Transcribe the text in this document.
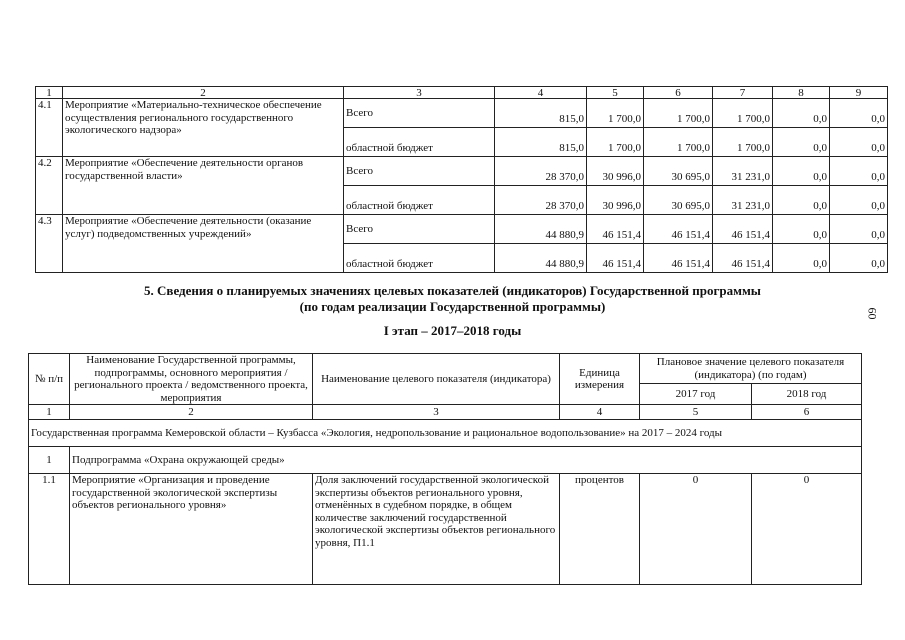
1	2	3	4	5	6	7	8	9
4.1	Мероприятие «Материально-техническое обеспечение осуществления регионального государственного экологического надзора»	Всего	815,0	1 700,0	1 700,0	1 700,0	0,0	0,0
		областной бюджет	815,0	1 700,0	1 700,0	1 700,0	0,0	0,0
4.2	Мероприятие «Обеспечение деятельности органов государственной власти»	Всего	28 370,0	30 996,0	30 695,0	31 231,0	0,0	0,0
		областной бюджет	28 370,0	30 996,0	30 695,0	31 231,0	0,0	0,0
4.3	Мероприятие «Обеспечение деятельности (оказание услуг) подведомственных учреждений»	Всего	44 880,9	46 151,4	46 151,4	46 151,4	0,0	0,0
		областной бюджет	44 880,9	46 151,4	46 151,4	46 151,4	0,0	0,0
5. Сведения о планируемых значениях целевых показателей (индикаторов) Государственной программы
(по годам реализации Государственной программы)
I этап – 2017–2018 годы
60
№ п/п	Наименование Государственной программы, подпрограммы, основного мероприятия / регионального проекта / ведомственного проекта, мероприятия	Наименование целевого показателя (индикатора)	Единица измерения	Плановое значение целевого показателя (индикатора) (по годам)	
				2017 год	2018 год
1	2	3	4	5	6
Государственная программа Кемеровской области – Кузбасса «Экология, недропользование и рациональное водопользование» на 2017 – 2024 годы					
1	Подпрограмма «Охрана окружающей среды»				
1.1	Мероприятие «Организация и проведение государственной экологической экспертизы объектов регионального уровня»	Доля заключений государственной экологической экспертизы объектов регионального уровня, отменённых в судебном порядке, в общем количестве заключений государственной экологической экспертизы объектов регионального уровня, П1.1	процентов	0	0
